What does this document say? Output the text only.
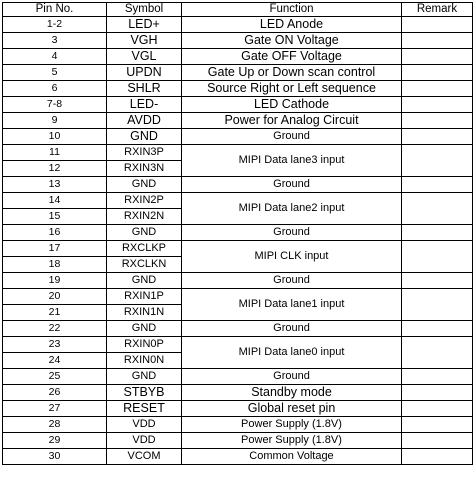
Pin No.	Symbol	Function	Remark
1-2	LED+	LED Anode	
3	VGH	Gate ON Voltage	
4	VGL	Gate OFF Voltage	
5	UPDN	Gate Up or Down scan control	
6	SHLR	Source Right or Left sequence	
7-8	LED-	LED Cathode	
9	AVDD	Power for Analog Circuit	
10	GND	Ground	
11	RXIN3P	MIPI Data lane3 input	
12	RXIN3N		
13	GND	Ground	
14	RXIN2P	MIPI Data lane2 input	
15	RXIN2N		
16	GND	Ground	
17	RXCLKP	MIPI CLK input	
18	RXCLKN		
19	GND	Ground	
20	RXIN1P	MIPI Data lane1 input	
21	RXIN1N		
22	GND	Ground	
23	RXIN0P	MIPI Data lane0 input	
24	RXIN0N		
25	GND	Ground	
26	STBYB	Standby mode	
27	RESET	Global reset pin	
28	VDD	Power Supply (1.8V)	
29	VDD	Power Supply (1.8V)	
30	VCOM	Common Voltage	
